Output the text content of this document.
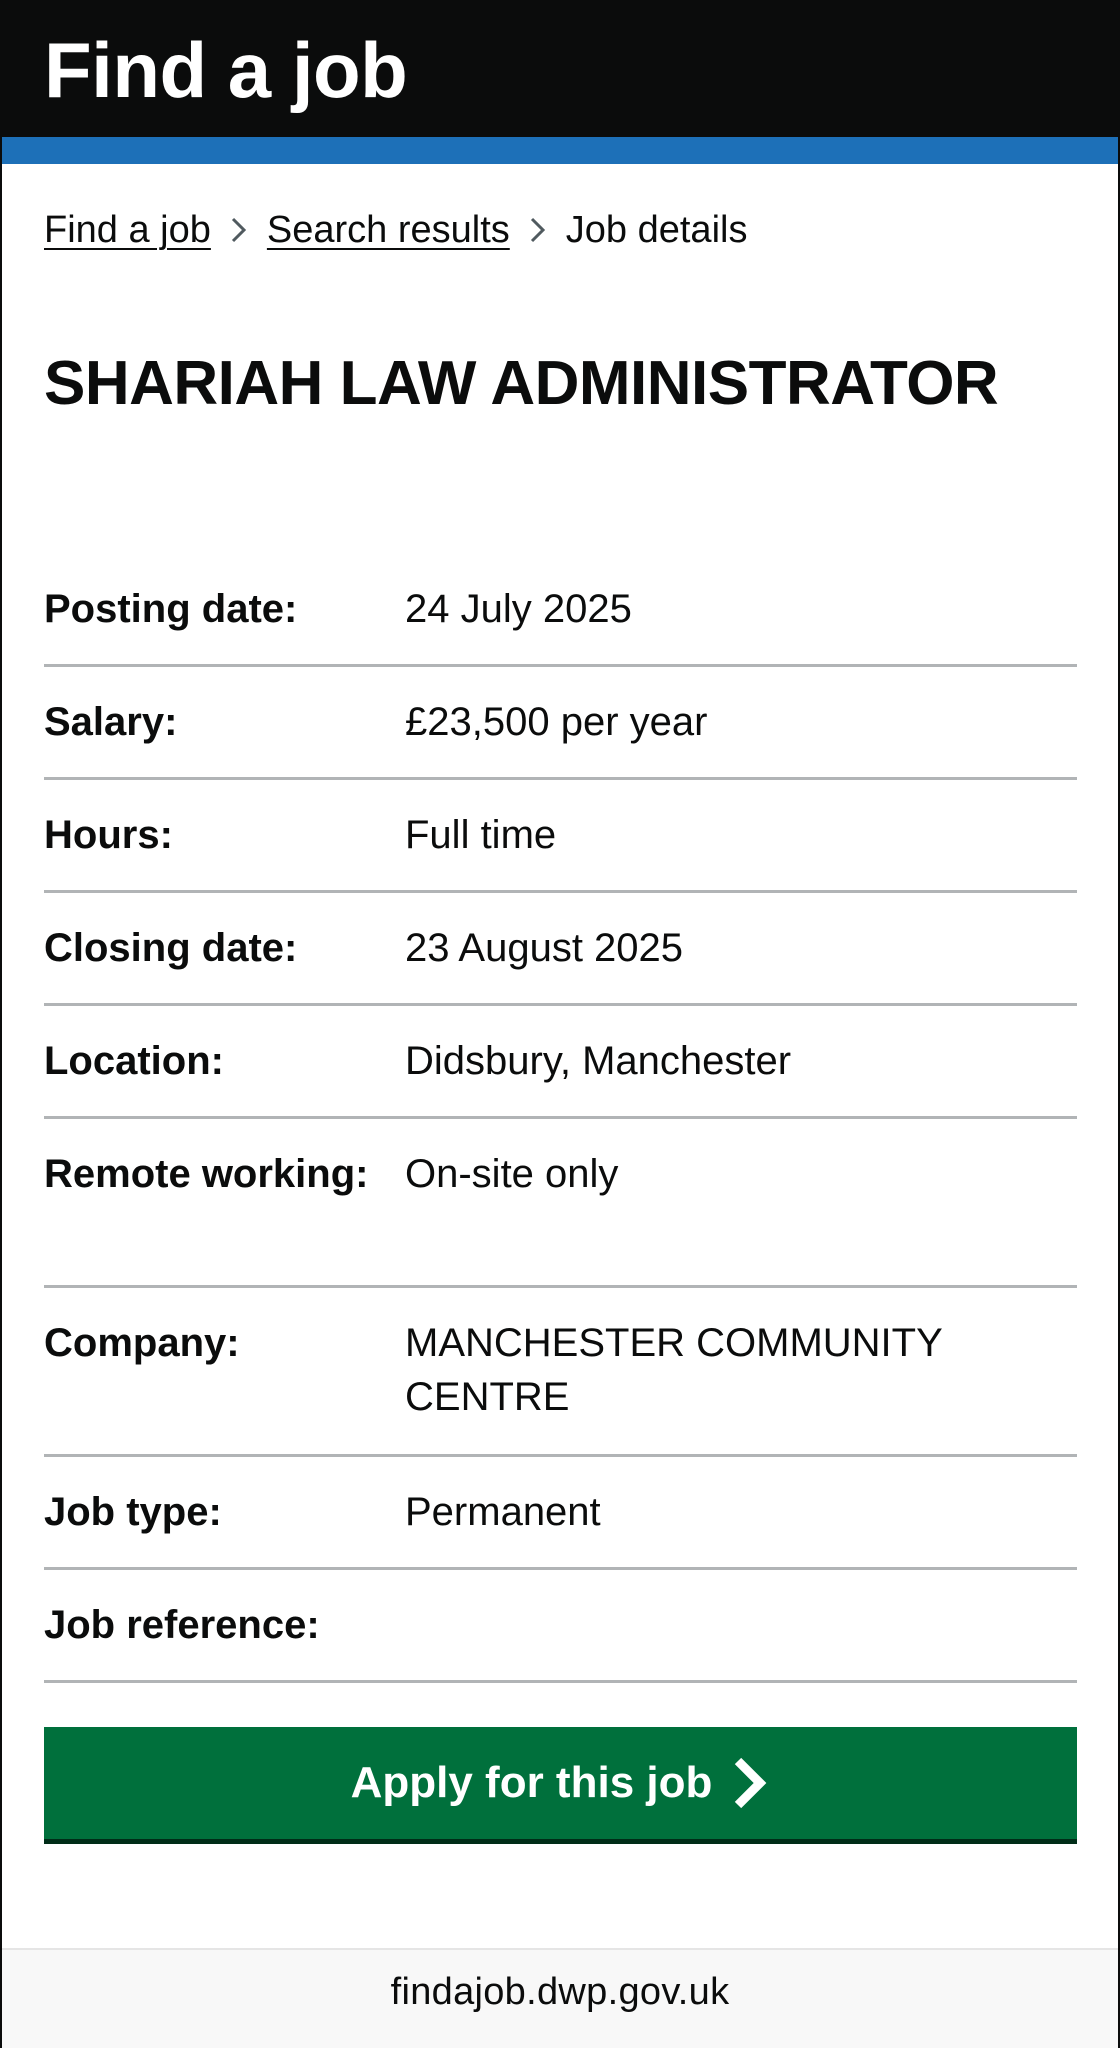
Find a job
Find a job Search results Job details
SHARIAH LAW ADMINISTRATOR
Posting date:	24 July 2025
Salary:	£23,500 per year
Hours:	Full time
Closing date:	23 August 2025
Location:	Didsbury, Manchester
Remote working: On-site only
Company:	MANCHESTER COMMUNITY CENTRE
Job type:	Permanent
Job reference:
Apply for this job
findajob.dwp.gov.uk
